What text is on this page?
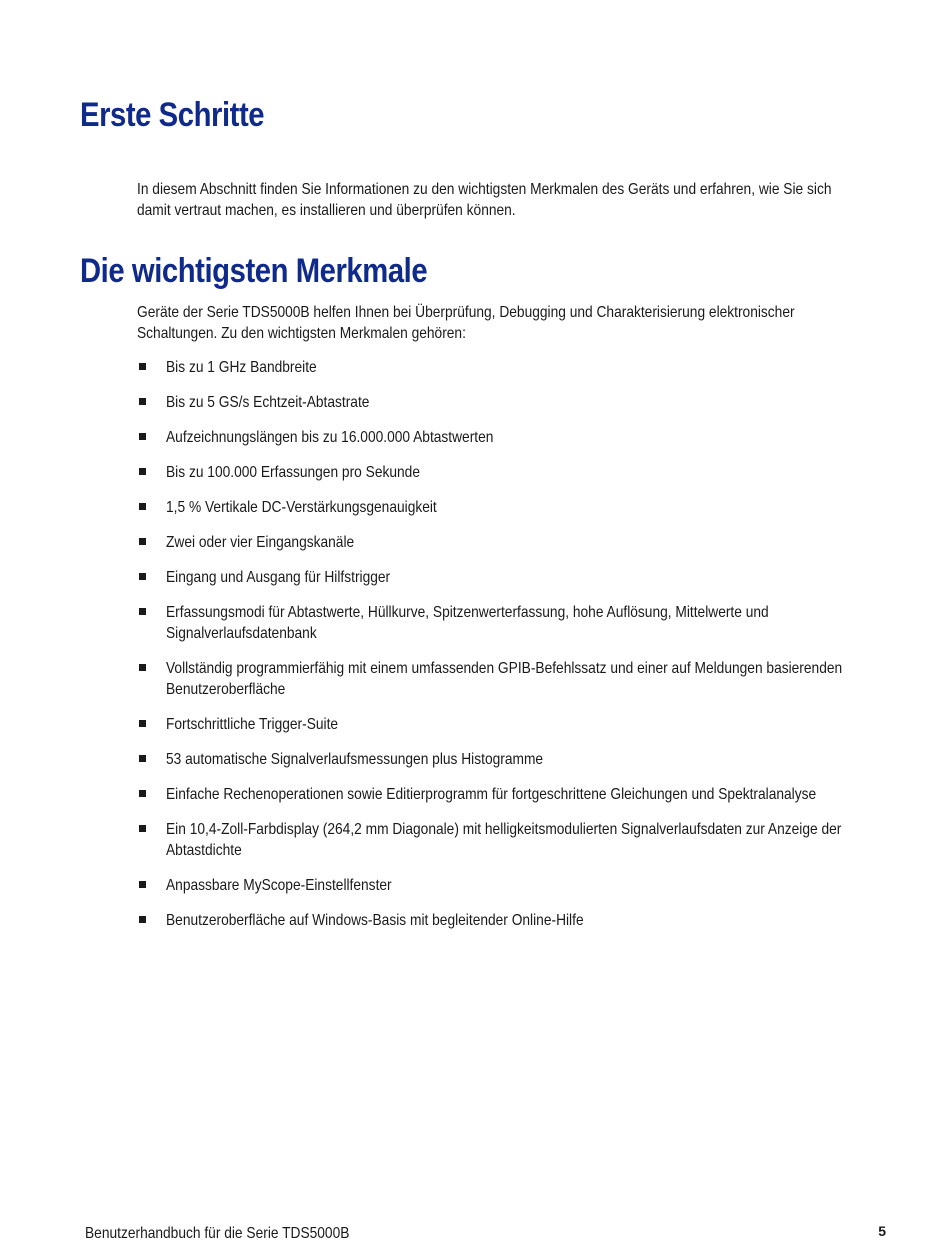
Erste Schritte

In diesem Abschnitt finden Sie Informationen zu den wichtigsten Merkmalen des Geräts und erfahren, wie Sie sich damit vertraut machen, es installieren und überprüfen können.

Die wichtigsten Merkmale

Geräte der Serie TDS5000B helfen Ihnen bei Überprüfung, Debugging und Charakterisierung elektronischer Schaltungen. Zu den wichtigsten Merkmalen gehören:

Bis zu 1 GHz Bandbreite
Bis zu 5 GS/s Echtzeit-Abtastrate
Aufzeichnungslängen bis zu 16.000.000 Abtastwerten
Bis zu 100.000 Erfassungen pro Sekunde
1,5 % Vertikale DC-Verstärkungsgenauigkeit
Zwei oder vier Eingangskanäle
Eingang und Ausgang für Hilfstrigger
Erfassungsmodi für Abtastwerte, Hüllkurve, Spitzenwerterfassung, hohe Auflösung, Mittelwerte und Signalverlaufsdatenbank
Vollständig programmierfähig mit einem umfassenden GPIB-Befehlssatz und einer auf Meldungen basierenden Benutzeroberfläche
Fortschrittliche Trigger-Suite
53 automatische Signalverlaufsmessungen plus Histogramme
Einfache Rechenoperationen sowie Editierprogramm für fortgeschrittene Gleichungen und Spektralanalyse
Ein 10,4-Zoll-Farbdisplay (264,2 mm Diagonale) mit helligkeitsmodulierten Signalverlaufsdaten zur Anzeige der Abtastdichte
Anpassbare MyScope-Einstellfenster
Benutzeroberfläche auf Windows-Basis mit begleitender Online-Hilfe
Benutzerhandbuch für die Serie TDS5000B	5
